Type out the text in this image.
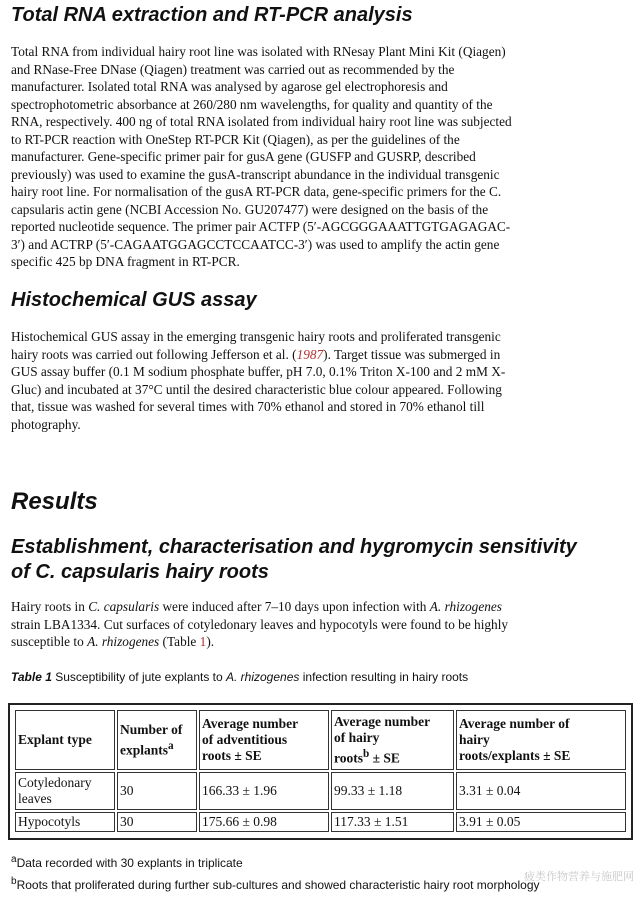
Total RNA extraction and RT-PCR analysis
Total RNA from individual hairy root line was isolated with RNesay Plant Mini Kit (Qiagen)
and RNase-Free DNase (Qiagen) treatment was carried out as recommended by the
manufacturer. Isolated total RNA was analysed by agarose gel electrophoresis and
spectrophotometric absorbance at 260/280 nm wavelengths, for quality and quantity of the
RNA, respectively. 400 ng of total RNA isolated from individual hairy root line was subjected
to RT-PCR reaction with OneStep RT-PCR Kit (Qiagen), as per the guidelines of the
manufacturer. Gene-specific primer pair for gusA gene (GUSFP and GUSRP, described
previously) was used to examine the gusA-transcript abundance in the individual transgenic
hairy root line. For normalisation of the gusA RT-PCR data, gene-specific primers for the C.
capsularis actin gene (NCBI Accession No. GU207477) were designed on the basis of the
reported nucleotide sequence. The primer pair ACTFP (5′-AGCGGGAAATTGTGAGAGAC-
3′) and ACTRP (5′-CAGAATGGAGCCTCCAATCC-3′) was used to amplify the actin gene
specific 425 bp DNA fragment in RT-PCR.
Histochemical GUS assay
Histochemical GUS assay in the emerging transgenic hairy roots and proliferated transgenic
hairy roots was carried out following Jefferson et al. (1987). Target tissue was submerged in
GUS assay buffer (0.1 M sodium phosphate buffer, pH 7.0, 0.1% Triton X-100 and 2 mM X-
Gluc) and incubated at 37°C until the desired characteristic blue colour appeared. Following
that, tissue was washed for several times with 70% ethanol and stored in 70% ethanol till
photography.
Results
Establishment, characterisation and hygromycin sensitivity
of C. capsularis hairy roots
Hairy roots in C. capsularis were induced after 7–10 days upon infection with A. rhizogenes
strain LBA1334. Cut surfaces of cotyledonary leaves and hypocotyls were found to be highly
susceptible to A. rhizogenes (Table 1).
Table 1 Susceptibility of jute explants to A. rhizogenes infection resulting in hairy roots
Explant type	Number of
explants$^a$	Average number
of adventitious
roots ± SE	Average number
of hairy
roots$^b$ ± SE	Average number of
hairy
roots/explants ± SE
Cotyledonary leaves	30	166.33 ± 1.96	99.33 ± 1.18	3.31 ± 0.04
Hypocotyls	30	175.66 ± 0.98	117.33 ± 1.51	3.91 ± 0.05
$^a$Data recorded with 30 explants in triplicate
$^b$Roots that proliferated during further sub-cultures and showed characteristic hairy root morphology
疲类作物营养与施肥网
